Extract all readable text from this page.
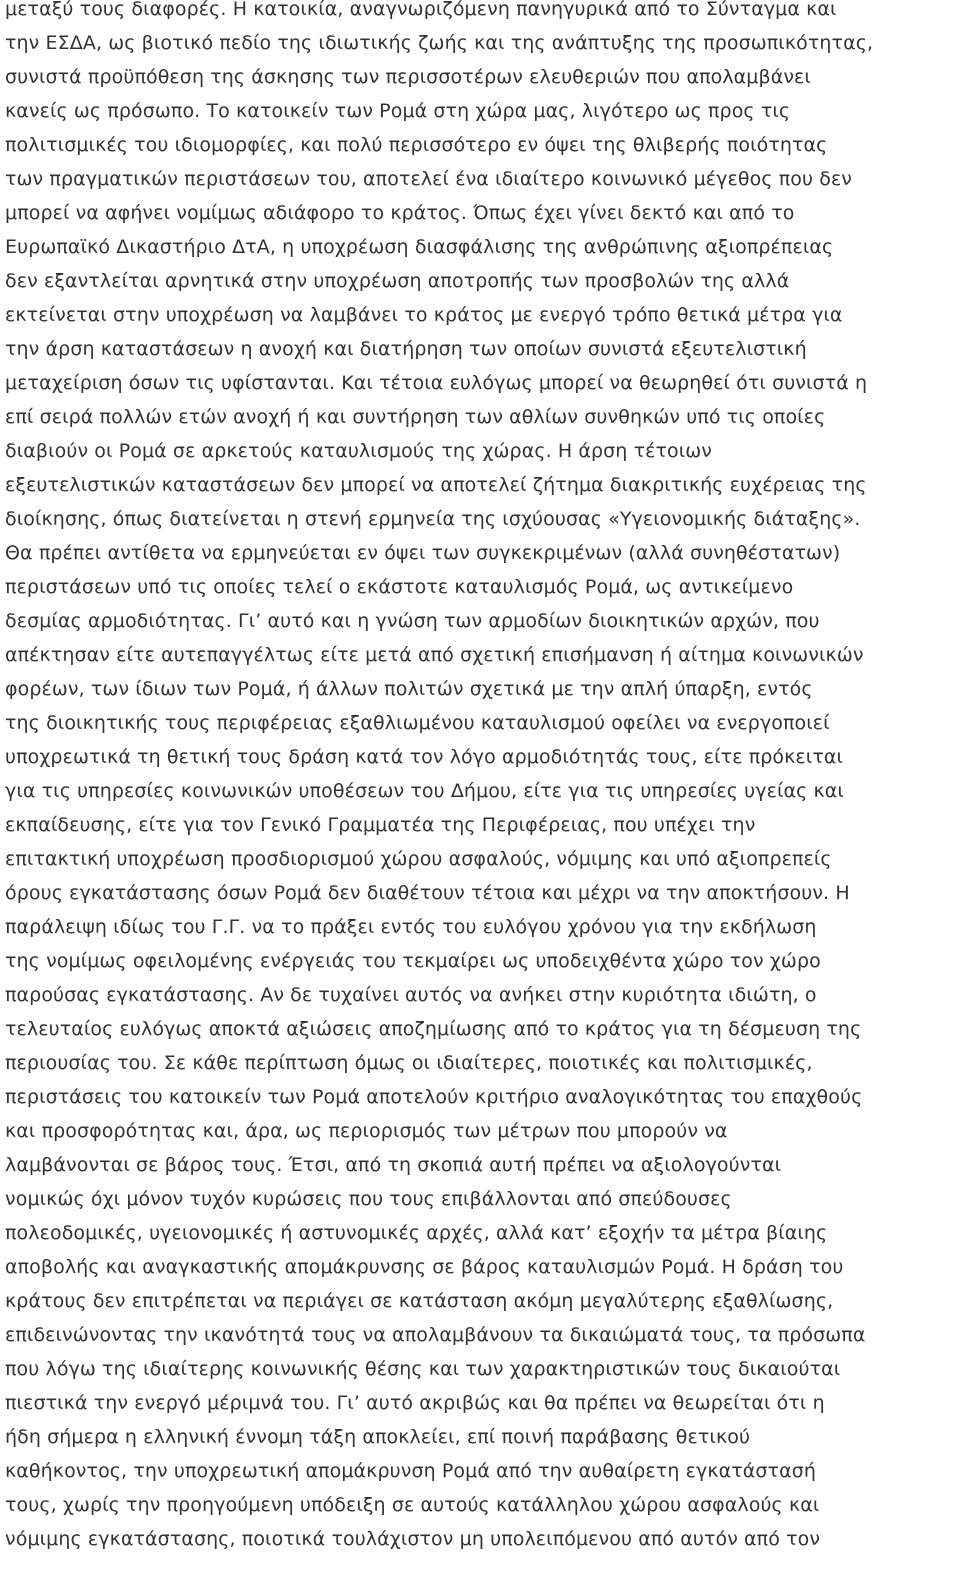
μεταξύ τους διαφορές. Η κατοικία, αναγνωριζόμενη πανηγυρικά από το Σύνταγμα και
την ΕΣΔΑ, ως βιοτικό πεδίο της ιδιωτικής ζωής και της ανάπτυξης της προσωπικότητας,
συνιστά προϋπόθεση της άσκησης των περισσοτέρων ελευθεριών που απολαμβάνει
κανείς ως πρόσωπο. Το κατοικείν των Ρομά στη χώρα μας, λιγότερο ως προς τις
πολιτισμικές του ιδιομορφίες, και πολύ περισσότερο εν όψει της θλιβερής ποιότητας
των πραγματικών περιστάσεων του, αποτελεί ένα ιδιαίτερο κοινωνικό μέγεθος που δεν
μπορεί να αφήνει νομίμως αδιάφορο το κράτος. Όπως έχει γίνει δεκτό και από το
Ευρωπαϊκό Δικαστήριο ΔτΑ, η υποχρέωση διασφάλισης της ανθρώπινης αξιοπρέπειας
δεν εξαντλείται αρνητικά στην υποχρέωση αποτροπής των προσβολών της αλλά
εκτείνεται στην υποχρέωση να λαμβάνει το κράτος με ενεργό τρόπο θετικά μέτρα για
την άρση καταστάσεων η ανοχή και διατήρηση των οποίων συνιστά εξευτελιστική
μεταχείριση όσων τις υφίστανται. Και τέτοια ευλόγως μπορεί να θεωρηθεί ότι συνιστά η
επί σειρά πολλών ετών ανοχή ή και συντήρηση των αθλίων συνθηκών υπό τις οποίες
διαβιούν οι Ρομά σε αρκετούς καταυλισμούς της χώρας. Η άρση τέτοιων
εξευτελιστικών καταστάσεων δεν μπορεί να αποτελεί ζήτημα διακριτικής ευχέρειας της
διοίκησης, όπως διατείνεται η στενή ερμηνεία της ισχύουσας «Υγειονομικής διάταξης».
Θα πρέπει αντίθετα να ερμηνεύεται εν όψει των συγκεκριμένων (αλλά συνηθέστατων)
περιστάσεων υπό τις οποίες τελεί ο εκάστοτε καταυλισμός Ρομά, ως αντικείμενο
δεσμίας αρμοδιότητας. Γι’ αυτό και η γνώση των αρμοδίων διοικητικών αρχών, που
απέκτησαν είτε αυτεπαγγέλτως είτε μετά από σχετική επισήμανση ή αίτημα κοινωνικών
φορέων, των ίδιων των Ρομά, ή άλλων πολιτών σχετικά με την απλή ύπαρξη, εντός
της διοικητικής τους περιφέρειας εξαθλιωμένου καταυλισμού οφείλει να ενεργοποιεί
υποχρεωτικά τη θετική τους δράση κατά τον λόγο αρμοδιότητάς τους, είτε πρόκειται
για τις υπηρεσίες κοινωνικών υποθέσεων του Δήμου, είτε για τις υπηρεσίες υγείας και
εκπαίδευσης, είτε για τον Γενικό Γραμματέα της Περιφέρειας, που υπέχει την
επιτακτική υποχρέωση προσδιορισμού χώρου ασφαλούς, νόμιμης και υπό αξιοπρεπείς
όρους εγκατάστασης όσων Ρομά δεν διαθέτουν τέτοια και μέχρι να την αποκτήσουν. Η
παράλειψη ιδίως του Γ.Γ. να το πράξει εντός του ευλόγου χρόνου για την εκδήλωση
της νομίμως οφειλομένης ενέργειάς του τεκμαίρει ως υποδειχθέντα χώρο τον χώρο
παρούσας εγκατάστασης. Αν δε τυχαίνει αυτός να ανήκει στην κυριότητα ιδιώτη, ο
τελευταίος ευλόγως αποκτά αξιώσεις αποζημίωσης από το κράτος για τη δέσμευση της
περιουσίας του. Σε κάθε περίπτωση όμως οι ιδιαίτερες, ποιοτικές και πολιτισμικές,
περιστάσεις του κατοικείν των Ρομά αποτελούν κριτήριο αναλογικότητας του επαχθούς
και προσφορότητας και, άρα, ως περιορισμός των μέτρων που μπορούν να
λαμβάνονται σε βάρος τους. Έτσι, από τη σκοπιά αυτή πρέπει να αξιολογούνται
νομικώς όχι μόνον τυχόν κυρώσεις που τους επιβάλλονται από σπεύδουσες
πολεοδομικές, υγειονομικές ή αστυνομικές αρχές, αλλά κατ’ εξοχήν τα μέτρα βίαιης
αποβολής και αναγκαστικής απομάκρυνσης σε βάρος καταυλισμών Ρομά. Η δράση του
κράτους δεν επιτρέπεται να περιάγει σε κατάσταση ακόμη μεγαλύτερης εξαθλίωσης,
επιδεινώνοντας την ικανότητά τους να απολαμβάνουν τα δικαιώματά τους, τα πρόσωπα
που λόγω της ιδιαίτερης κοινωνικής θέσης και των χαρακτηριστικών τους δικαιούται
πιεστικά την ενεργό μέριμνά του. Γι’ αυτό ακριβώς και θα πρέπει να θεωρείται ότι η
ήδη σήμερα η ελληνική έννομη τάξη αποκλείει, επί ποινή παράβασης θετικού
καθήκοντος, την υποχρεωτική απομάκρυνση Ρομά από την αυθαίρετη εγκατάστασή
τους, χωρίς την προηγούμενη υπόδειξη σε αυτούς κατάλληλου χώρου ασφαλούς και
νόμιμης εγκατάστασης, ποιοτικά τουλάχιστον μη υπολειπόμενου από αυτόν από τον
